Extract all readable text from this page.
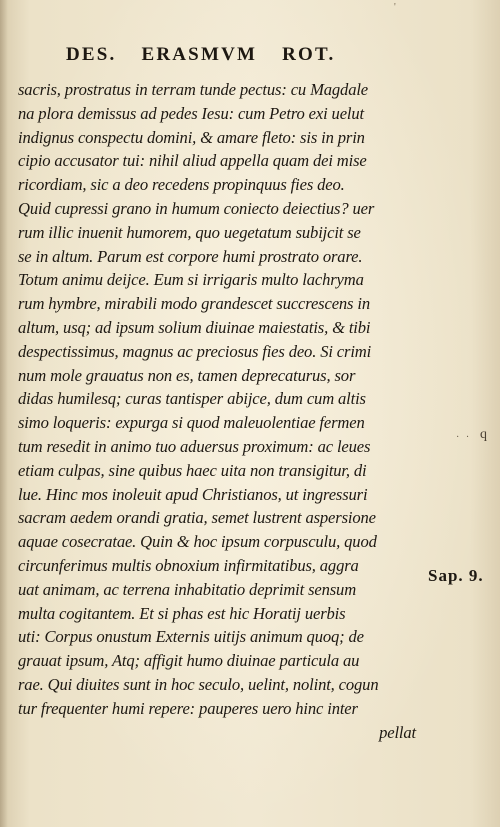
'
DES. ERASMVM ROT.
sacris, prostratus in terram tunde pectus: cu Magdale
na plora demissus ad pedes Iesu: cum Petro exi uelut
indignus conspectu domini, & amare fleto: sis in prin
cipio accusator tui: nihil aliud appella quam dei mise
ricordiam, sic a deo recedens propinquus fies deo.
Quid cupressi grano in humum coniecto deiectius? uer
rum illic inuenit humorem, quo uegetatum subijcit se
se in altum. Parum est corpore humi prostrato orare.
Totum animu deijce. Eum si irrigaris multo lachryma
rum hymbre, mirabili modo grandescet succrescens in
altum, usq; ad ipsum solium diuinae maiestatis, & tibi
despectissimus, magnus ac preciosus fies deo. Si crimi
num mole grauatus non es, tamen deprecaturus, sor
didas humilesq; curas tantisper abijce, dum cum altis
simo loqueris: expurga si quod maleuolentiae fermen
tum resedit in animo tuo aduersus proximum: ac leues
etiam culpas, sine quibus haec uita non transigitur, di
lue. Hinc mos inoleuit apud Christianos, ut ingressuri
sacram aedem orandi gratia, semet lustrent aspersione
aquae cosecratae. Quin & hoc ipsum corpusculu, quod
circunferimus multis obnoxium infirmitatibus, aggra
uat animam, ac terrena inhabitatio deprimit sensum
multa cogitantem. Et si phas est hic Horatij uerbis
uti: Corpus onustum Externis uitijs animum quoq; de
grauat ipsum, Atq; affigit humo diuinae particula au
rae. Qui diuites sunt in hoc seculo, uelint, nolint, cogun
tur frequenter humi repere: pauperes uero hinc inter
pellat
· · q
Sap. 9.
